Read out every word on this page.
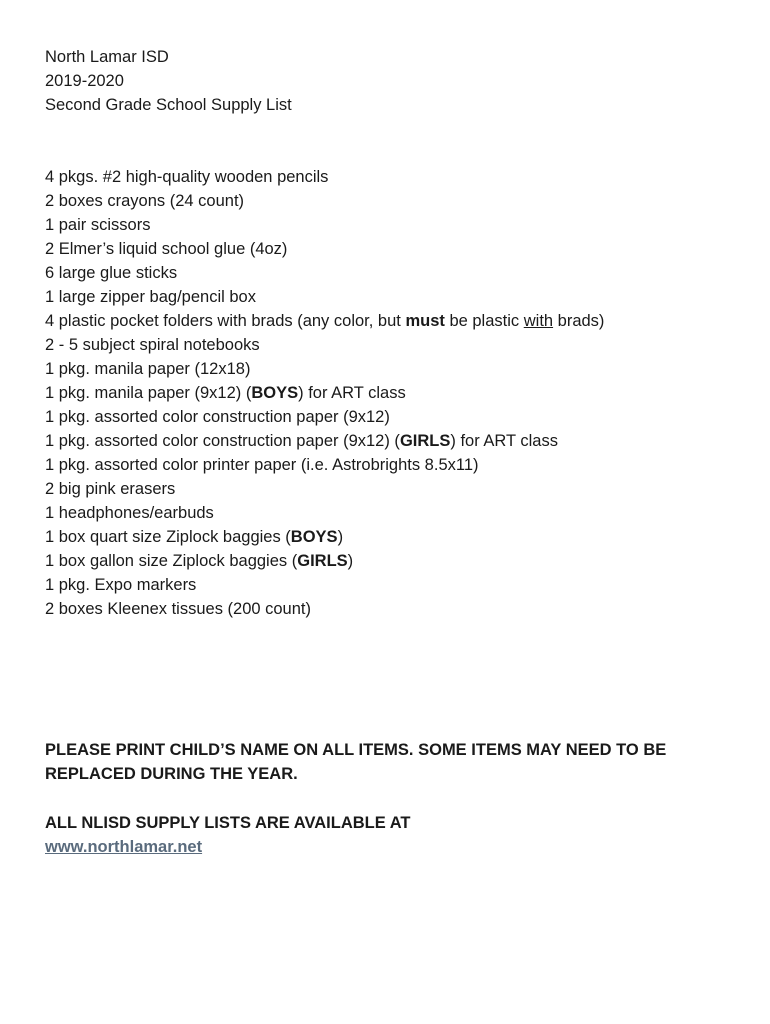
North Lamar ISD
2019-2020
Second Grade School Supply List
4 pkgs. #2 high-quality wooden pencils
2 boxes crayons (24 count)
1 pair scissors
2 Elmer’s liquid school glue (4oz)
6 large glue sticks
1 large zipper bag/pencil box
4 plastic pocket folders with brads (any color, but must be plastic with brads)
2 - 5 subject spiral notebooks
1 pkg. manila paper (12x18)
1 pkg. manila paper (9x12) (BOYS) for ART class
1 pkg. assorted color construction paper (9x12)
1 pkg. assorted color construction paper (9x12) (GIRLS) for ART class
1 pkg. assorted color printer paper (i.e. Astrobrights 8.5x11)
2 big pink erasers
1 headphones/earbuds
1 box quart size Ziplock baggies (BOYS)
1 box gallon size Ziplock baggies (GIRLS)
1 pkg. Expo markers
2 boxes Kleenex tissues (200 count)
PLEASE PRINT CHILD’S NAME ON ALL ITEMS. SOME ITEMS MAY NEED TO BE REPLACED DURING THE YEAR.
ALL NLISD SUPPLY LISTS ARE AVAILABLE AT
www.northlamar.net
